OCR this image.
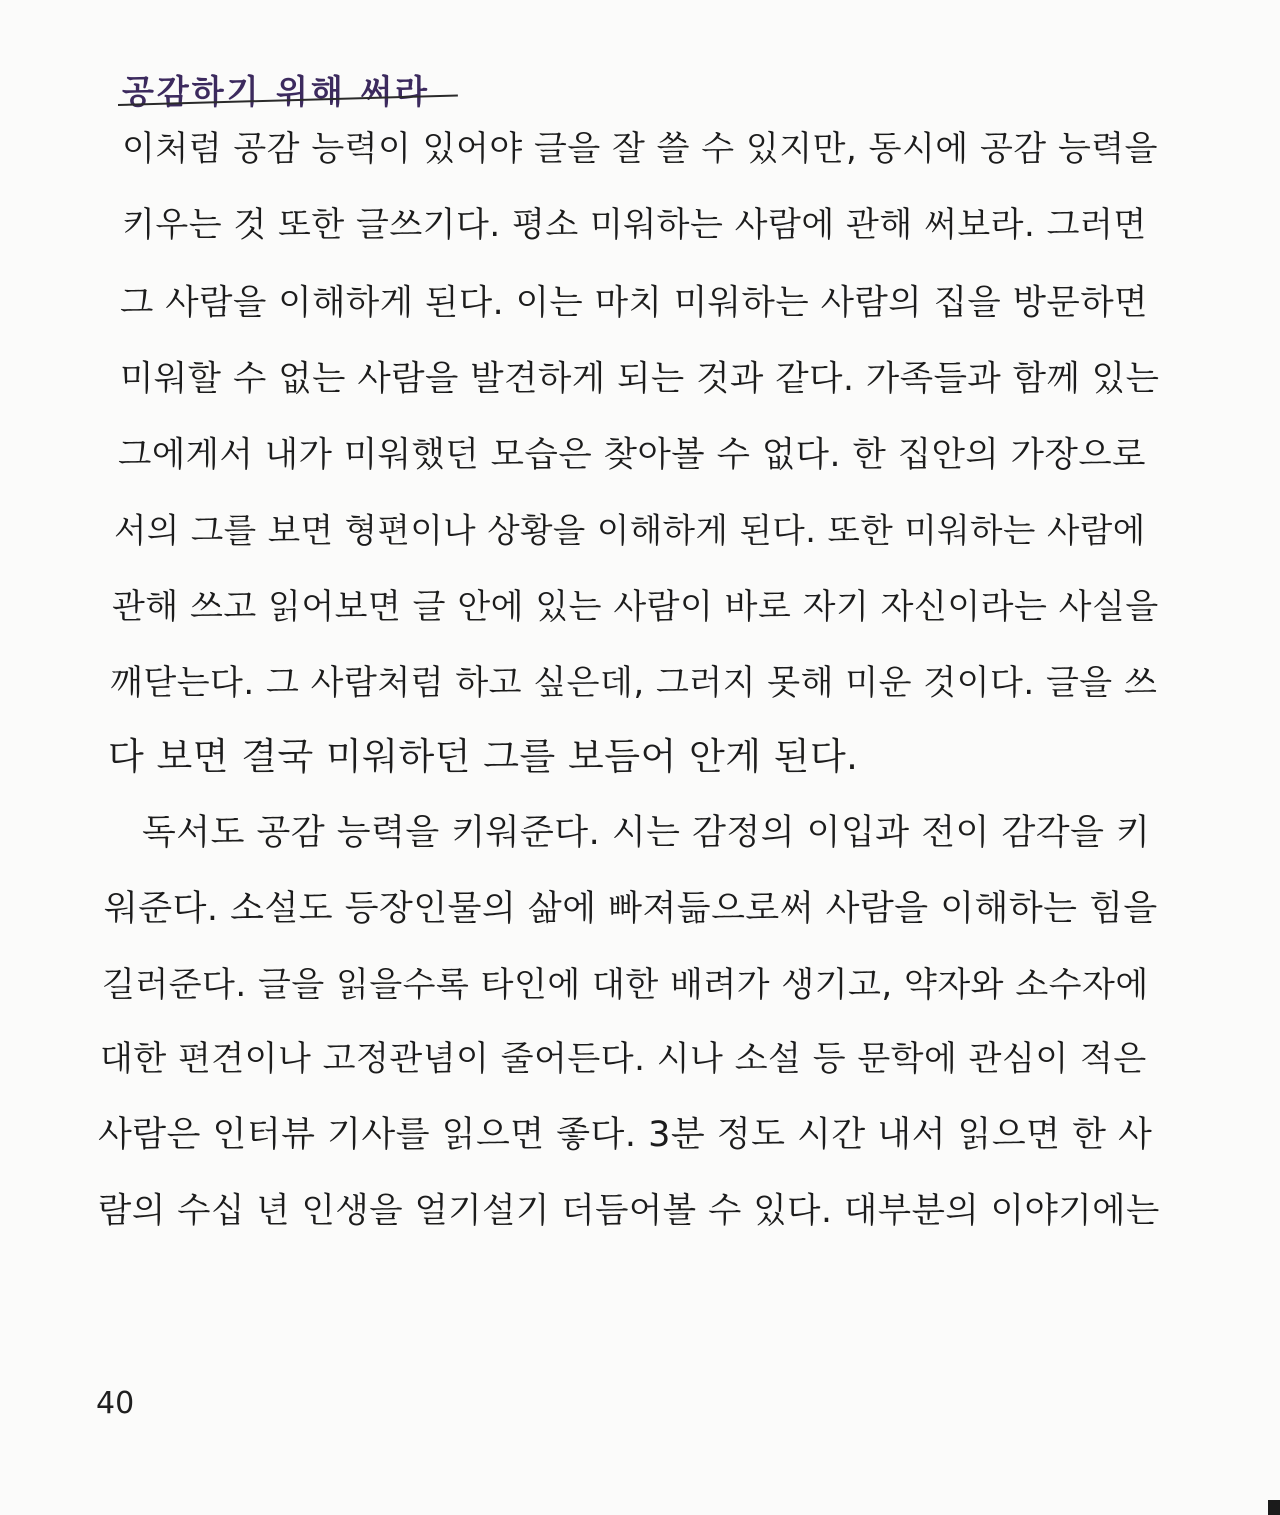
공감하기 위해 써라
이처럼 공감 능력이 있어야 글을 잘 쓸 수 있지만, 동시에 공감 능력을
키우는 것 또한 글쓰기다. 평소 미워하는 사람에 관해 써보라. 그러면
그 사람을 이해하게 된다. 이는 마치 미워하는 사람의 집을 방문하면
미워할 수 없는 사람을 발견하게 되는 것과 같다. 가족들과 함께 있는
그에게서 내가 미워했던 모습은 찾아볼 수 없다. 한 집안의 가장으로
서의 그를 보면 형편이나 상황을 이해하게 된다. 또한 미워하는 사람에
관해 쓰고 읽어보면 글 안에 있는 사람이 바로 자기 자신이라는 사실을
깨닫는다. 그 사람처럼 하고 싶은데, 그러지 못해 미운 것이다. 글을 쓰
다 보면 결국 미워하던 그를 보듬어 안게 된다.
독서도 공감 능력을 키워준다. 시는 감정의 이입과 전이 감각을 키
워준다. 소설도 등장인물의 삶에 빠져듦으로써 사람을 이해하는 힘을
길러준다. 글을 읽을수록 타인에 대한 배려가 생기고, 약자와 소수자에
대한 편견이나 고정관념이 줄어든다. 시나 소설 등 문학에 관심이 적은
사람은 인터뷰 기사를 읽으면 좋다. 3분 정도 시간 내서 읽으면 한 사
람의 수십 년 인생을 얼기설기 더듬어볼 수 있다. 대부분의 이야기에는
40
